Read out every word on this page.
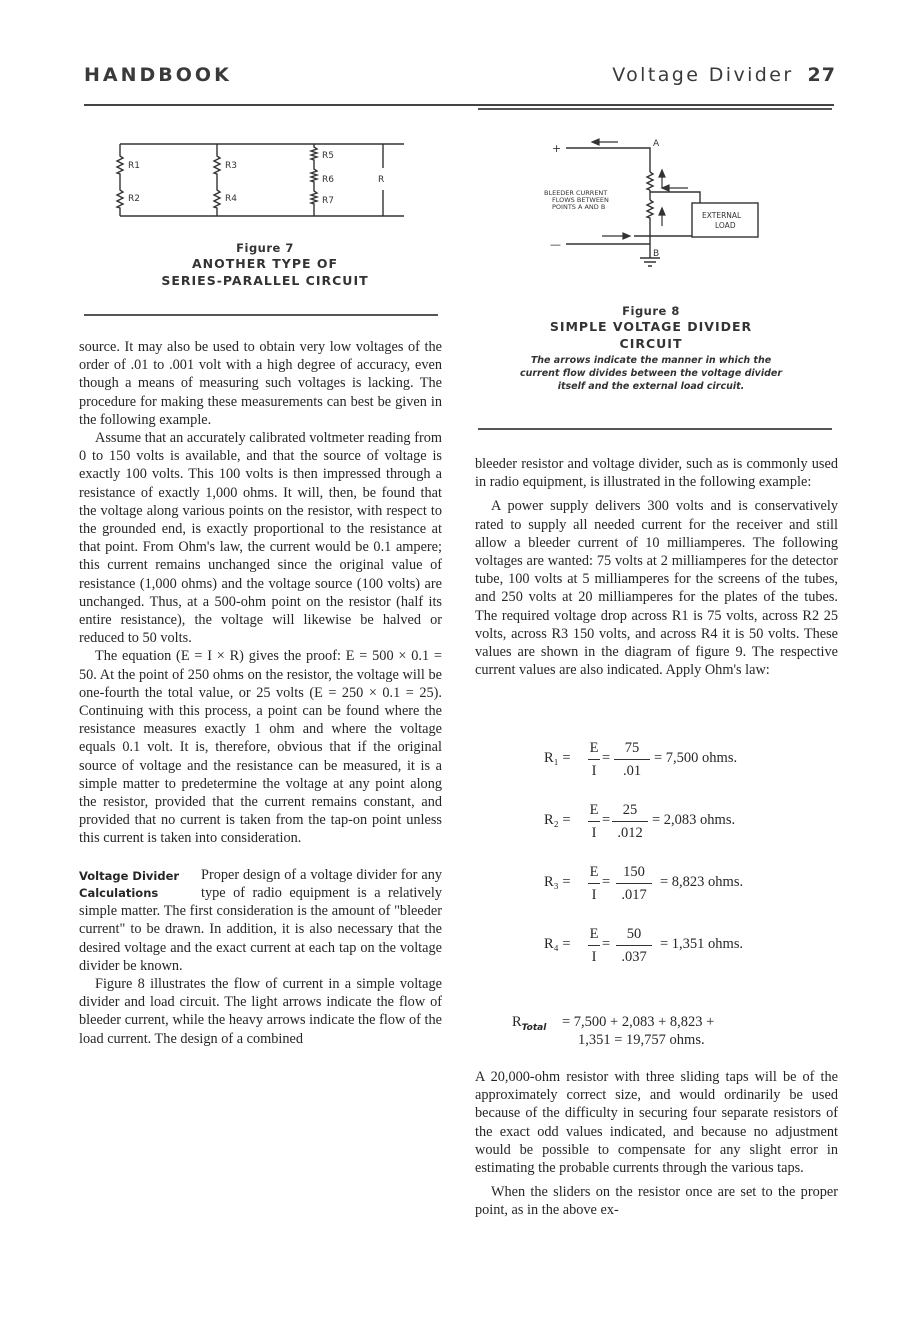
HANDBOOK	Voltage Divider 27
R1
R2
R3
R4
R5
R6
R7
R
Figure 7
ANOTHER TYPE OF
SERIES-PARALLEL CIRCUIT
+
—
A
B
BLEEDER CURRENT
FLOWS BETWEEN
POINTS A AND B
EXTERNAL
LOAD
Figure 8
SIMPLE VOLTAGE DIVIDER
CIRCUIT
The arrows indicate the manner in which the
current flow divides between the voltage divider
itself and the external load circuit.

source. It may also be used to obtain very low voltages of the order of .01 to .001 volt with a high degree of accuracy, even though a means of measuring such voltages is lacking. The procedure for making these measurements can best be given in the following example.

Assume that an accurately calibrated voltmeter reading from 0 to 150 volts is available, and that the source of voltage is exactly 100 volts. This 100 volts is then impressed through a resistance of exactly 1,000 ohms. It will, then, be found that the voltage along various points on the resistor, with respect to the grounded end, is exactly proportional to the resistance at that point. From Ohm's law, the current would be 0.1 ampere; this current remains unchanged since the original value of resistance (1,000 ohms) and the voltage source (100 volts) are unchanged. Thus, at a 500-ohm point on the resistor (half its entire resistance), the voltage will likewise be halved or reduced to 50 volts.

The equation (E = I × R) gives the proof: E = 500 × 0.1 = 50. At the point of 250 ohms on the resistor, the voltage will be one-fourth the total value, or 25 volts (E = 250 × 0.1 = 25). Continuing with this process, a point can be found where the resistance measures exactly 1 ohm and where the voltage equals 0.1 volt. It is, therefore, obvious that if the original source of voltage and the resistance can be measured, it is a simple matter to predetermine the voltage at any point along the resistor, provided that the current remains constant, and provided that no current is taken from the tap-on point unless this current is taken into consideration.

Voltage Divider
Calculations
Proper design of a voltage divider for any type of radio equipment is a relatively simple matter. The first consideration is the amount of "bleeder current" to be drawn. In addition, it is also necessary that the desired voltage and the exact current at each tap on the voltage divider be known.

Figure 8 illustrates the flow of current in a simple voltage divider and load circuit. The light arrows indicate the flow of bleeder current, while the heavy arrows indicate the flow of the load current. The design of a combined

bleeder resistor and voltage divider, such as is commonly used in radio equipment, is illustrated in the following example:

A power supply delivers 300 volts and is conservatively rated to supply all needed current for the receiver and still allow a bleeder current of 10 milliamperes. The following voltages are wanted: 75 volts at 2 milliamperes for the detector tube, 100 volts at 5 milliamperes for the screens of the tubes, and 250 volts at 20 milliamperes for the plates of the tubes. The required voltage drop across R1 is 75 volts, across R2 25 volts, across R3 150 volts, and across R4 it is 50 volts. These values are shown in the diagram of figure 9. The respective current values are also indicated. Apply Ohm's law:

R₁ =
E
I
=
75
.01
= 7,500 ohms.
R₂ =
E
I
=
25
.012
= 2,083 ohms.
R₃ =
E
I
=
150
.017
= 8,823 ohms.
R₄ =
E
I
=
50
.037
= 1,351 ohms.
$R_{Total} = 7,500 + 2,083 + 8,823$ +
1,351 = 19,757 ohms.

A 20,000-ohm resistor with three sliding taps will be of the approximately correct size, and would ordinarily be used because of the difficulty in securing four separate resistors of the exact odd values indicated, and because no adjustment would be possible to compensate for any slight error in estimating the probable currents through the various taps.

When the sliders on the resistor once are set to the proper point, as in the above ex-
